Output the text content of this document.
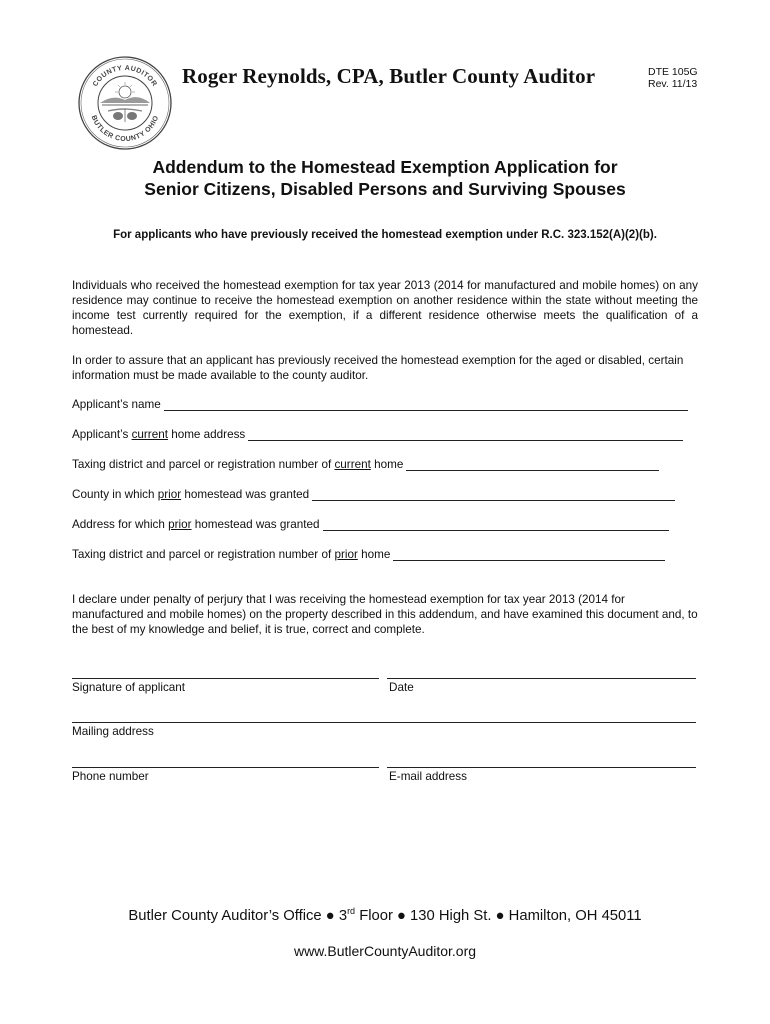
COUNTY AUDITOR
BUTLER COUNTY OHIO
Roger Reynolds, CPA, Butler County Auditor	DTE 105G
Rev. 11/13
Addendum to the Homestead Exemption Application for
Senior Citizens, Disabled Persons and Surviving Spouses
For applicants who have previously received the homestead exemption under R.C. 323.152(A)(2)(b).
Individuals who received the homestead exemption for tax year 2013 (2014 for manufactured and mobile homes) on any residence may continue to receive the homestead exemption on another residence within the state without meeting the income test currently required for the exemption, if a different residence otherwise meets the qualification of a homestead.
In order to assure that an applicant has previously received the homestead exemption for the aged or disabled, certain information must be made available to the county auditor.
Applicant’s name
Applicant’s current home address
Taxing district and parcel or registration number of current home
County in which prior homestead was granted
Address for which prior homestead was granted
Taxing district and parcel or registration number of prior home
I declare under penalty of perjury that I was receiving the homestead exemption for tax year 2013 (2014 for manufactured and mobile homes) on the property described in this addendum, and have examined this document and, to the best of my knowledge and belief, it is true, correct and complete.
Signature of applicant	Date
Mailing address
Phone number	E-mail address
Butler County Auditor’s Office ● 3rd Floor ● 130 High St. ● Hamilton, OH 45011
www.ButlerCountyAuditor.org
